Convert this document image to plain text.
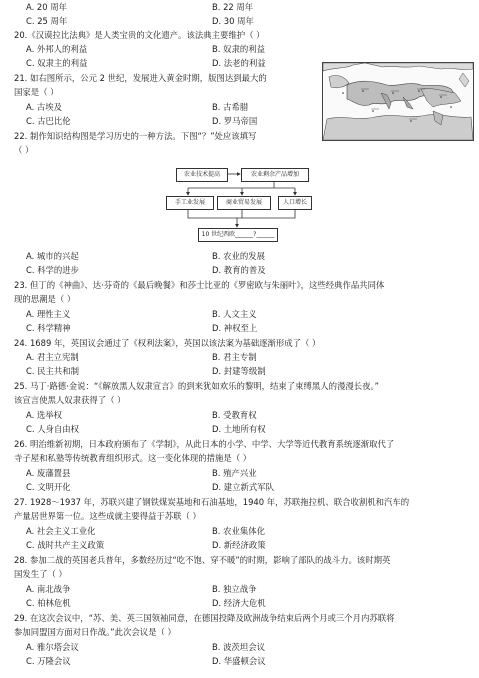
A. 20 周年	B. 22 周年
C. 25 周年	D. 30 周年
20.《汉谟拉比法典》是人类宝贵的文化遗产。该法典主要维护（ ）
A. 外邦人的利益	B. 奴隶的利益
C. 奴隶主的利益	D. 法老的利益
21. 如右图所示，公元 2 世纪，发展进入黄金时期，版图达到最大的
国家是（ ）
A. 古埃及	B. 古希腊
C. 古巴比伦	D. 罗马帝国
22. 制作知识结构图是学习历史的一种方法。下图“？”处应该填写
（ ）
农业技术提高	农业剩余产品增加
手工业发展	商业贸易发展	人口增长
10 世纪西欧______?______
A. 城市的兴起	B. 农业的发展
C. 科学的进步	D. 教育的普及
23. 但丁的《神曲》、达·芬奇的《最后晚餐》和莎士比亚的《罗密欧与朱丽叶》，这些经典作品共同体
现的思潮是（ ）
A. 理性主义	B. 人文主义
C. 科学精神	D. 神权至上
24. 1689 年，英国议会通过了《权利法案》，英国以该法案为基础逐渐形成了（ ）
A. 君主立宪制	B. 君主专制
C. 民主共和制	D. 封建等级制
25. 马丁·路德·金说：“《解放黑人奴隶宣言》的到来犹如欢乐的黎明，结束了束缚黑人的漫漫长夜。”
该宣言使黑人奴隶获得了（ ）
A. 选举权	B. 受教育权
C. 人身自由权	D. 土地所有权
26. 明治维新初期，日本政府颁布了《学制》，从此日本的小学、中学、大学等近代教育系统逐渐取代了
寺子屋和私塾等传统教育组织形式。这一变化体现的措施是（ ）
A. 废藩置县	B. 殖产兴业
C. 文明开化	D. 建立新式军队
27. 1928～1937 年，苏联兴建了钢铁煤炭基地和石油基地，1940 年，苏联拖拉机、联合收割机和汽车的
产量居世界第一位。这些成就主要得益于苏联（ ）
A. 社会主义工业化	B. 农业集体化
C. 战时共产主义政策	D. 新经济政策
28. 参加二战的英国老兵普年，多数经历过“吃不饱、穿不暖”的时期，影响了部队的战斗力。该时期英
国发生了（ ）
A. 南北战争	B. 独立战争
C. 柏林危机	D. 经济大危机
29. 在这次会议中，“苏、美、英三国领袖同意，在德国投降及欧洲战争结束后两个月或三个月内苏联将
参加同盟国方面对日作战。”此次会议是（ ）
A. 雅尔塔会议	B. 波茨坦会议
C. 万隆会议	D. 华盛顿会议
